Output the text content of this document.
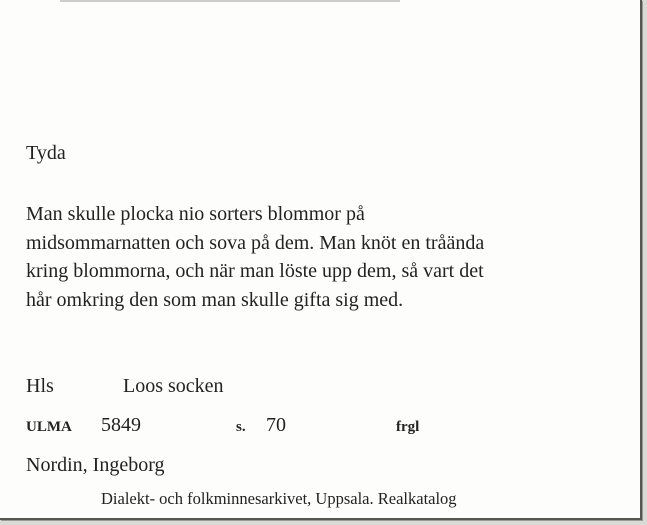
Tyda
Man skulle plocka nio sorters blommor på
midsommarnatten och sova på dem. Man knöt en tråända
kring blommorna, och när man löste upp dem, så vart det
hår omkring den som man skulle gifta sig med.
Hls	Loos socken
ULMA 5849	s. 70	frgl
Nordin, Ingeborg
Dialekt- och folkminnesarkivet, Uppsala. Realkatalog
